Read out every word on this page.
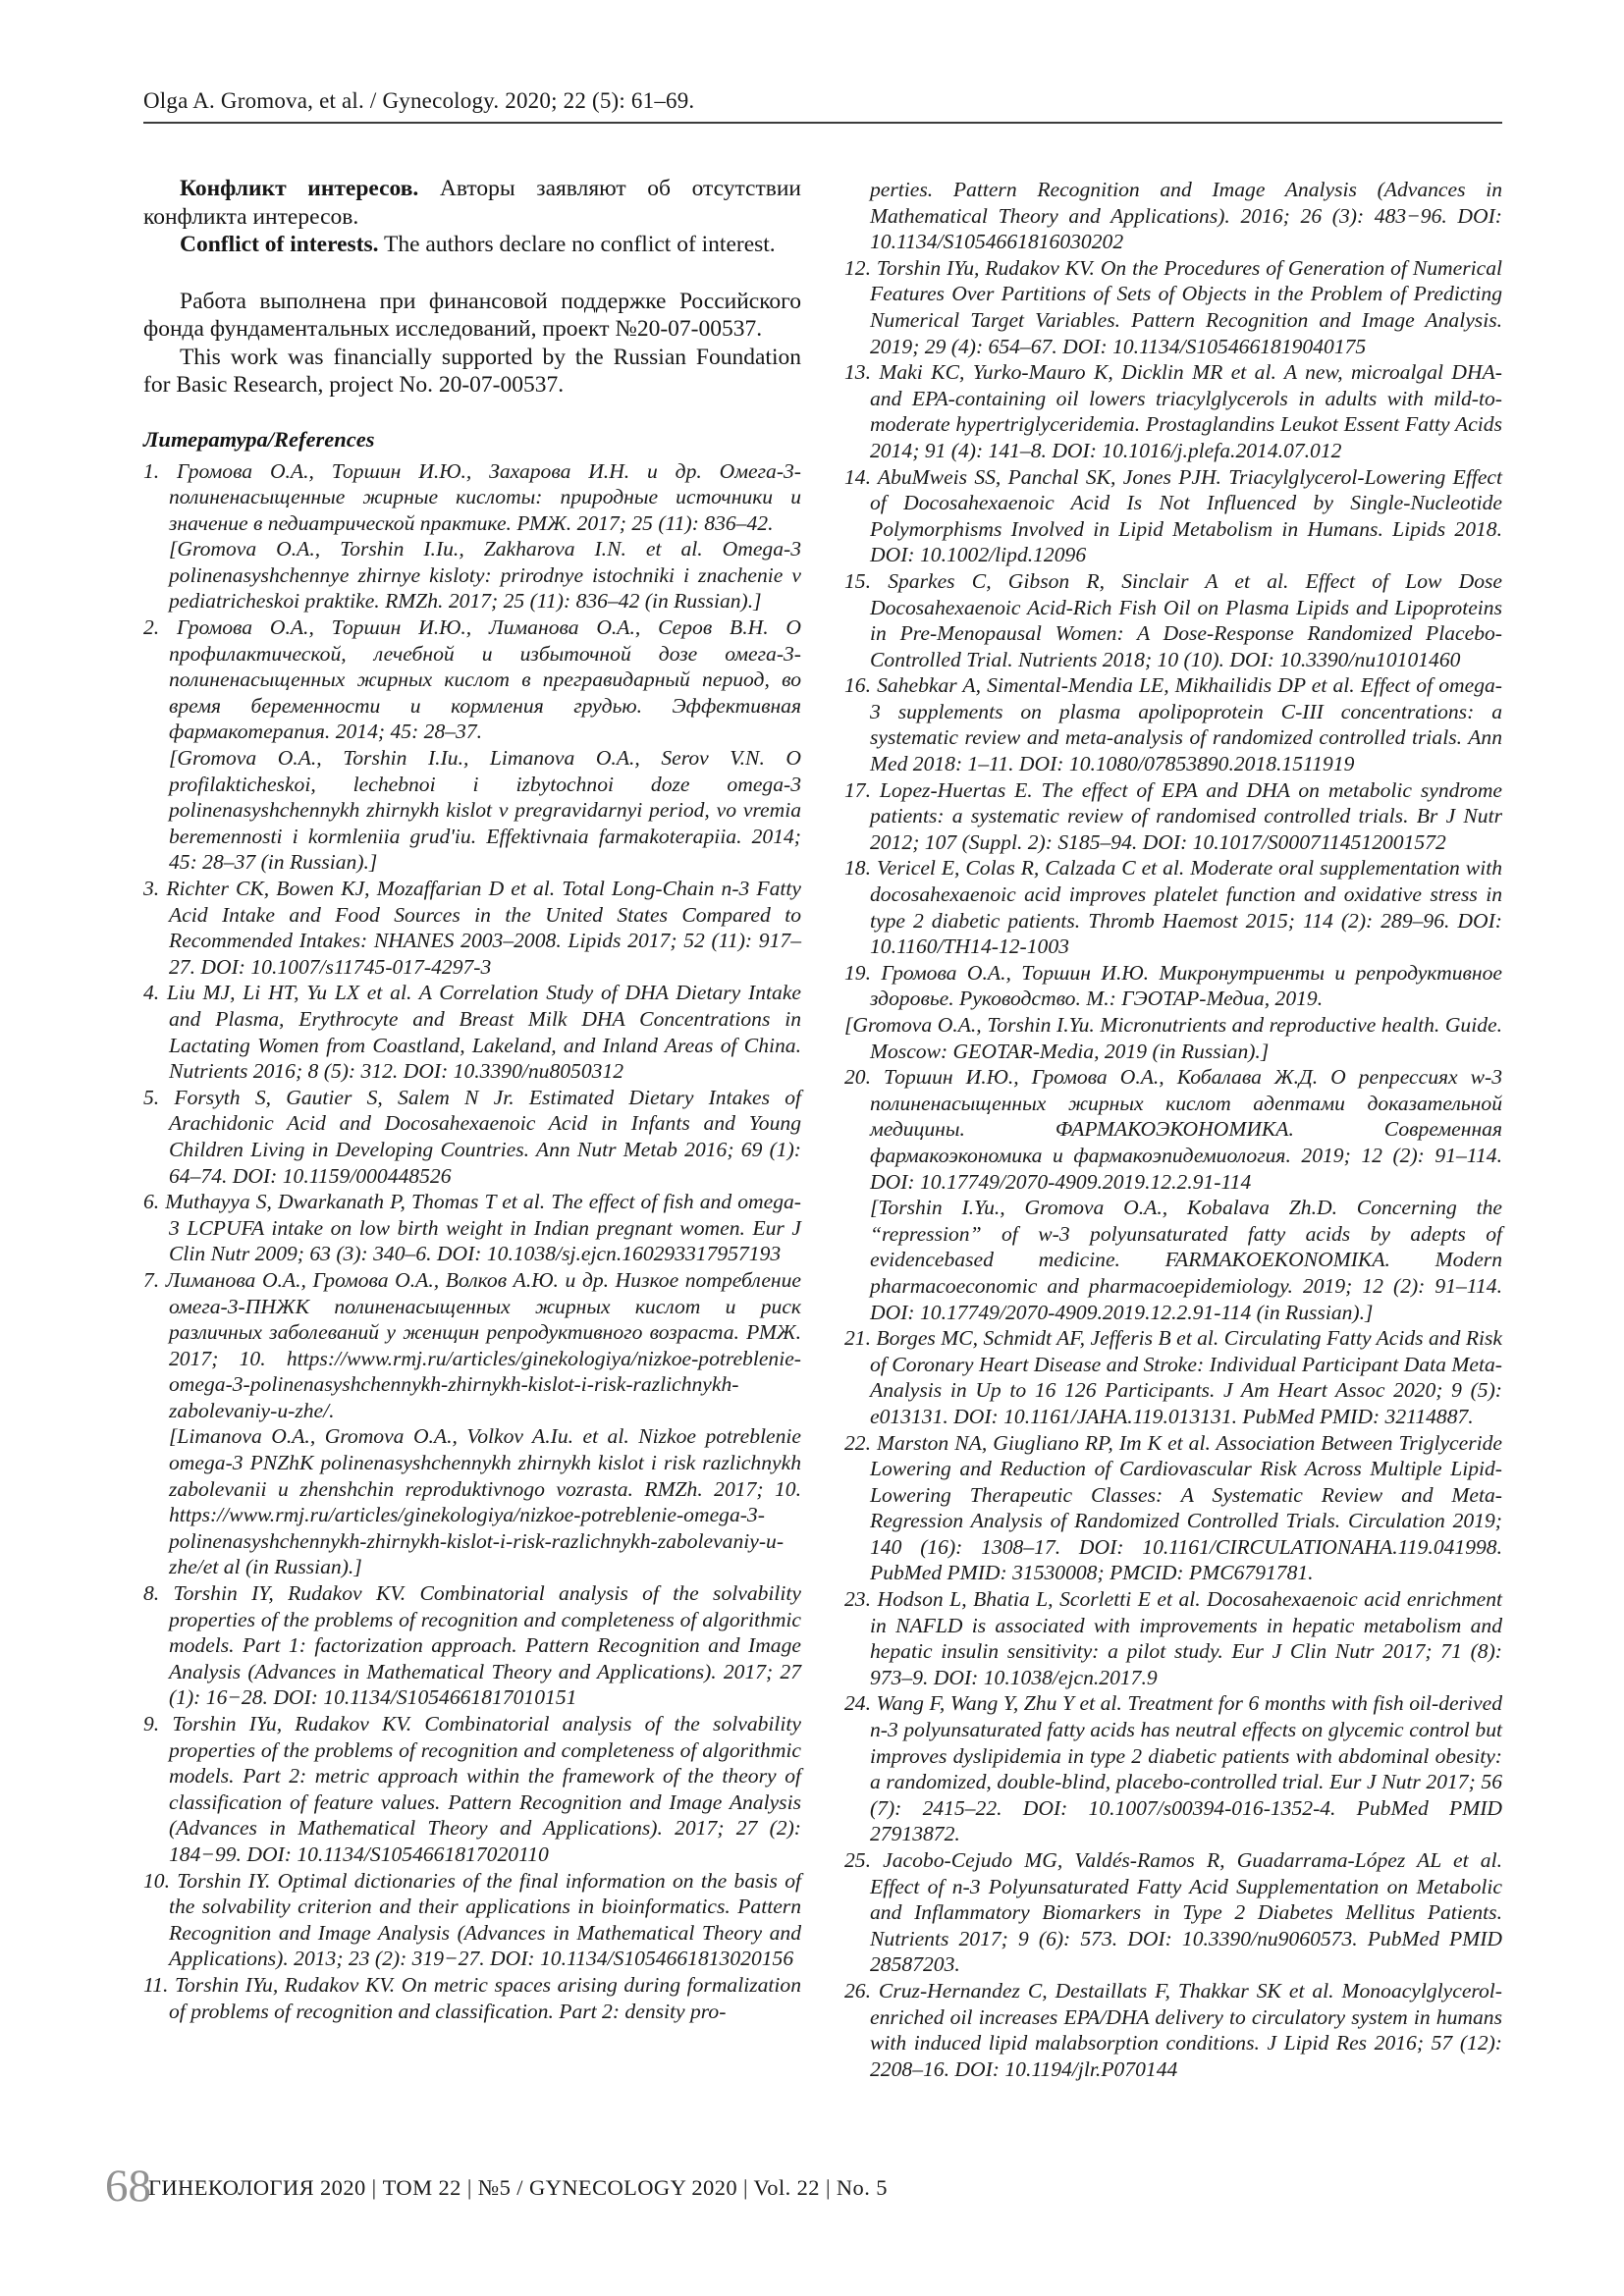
Olga A. Gromova, et al. / Gynecology. 2020; 22 (5): 61–69.

Конфликт интересов. Авторы заявляют об отсутствии конфликта интересов.

Conflict of interests. The authors declare no conflict of interest.

Работа выполнена при финансовой поддержке Российского фонда фундаментальных исследований, проект №20-07-00537.

This work was financially supported by the Russian Foundation for Basic Research, project No. 20-07-00537.

Литература/References

1. Громова О.А., Торшин И.Ю., Захарова И.Н. и др. Омега-3- полиненасыщенные жирные кислоты: природные источники и значение в педиатрической практике. РМЖ. 2017; 25 (11): 836–42.

[Gromova O.A., Torshin I.Iu., Zakharova I.N. et al. Omega-3 polinenasyshchennye zhirnye kisloty: prirodnye istochniki i znachenie v pediatricheskoi praktike. RMZh. 2017; 25 (11): 836–42 (in Russian).]

2. Громова О.А., Торшин И.Ю., Лиманова О.А., Серов В.Н. О профилактической, лечебной и избыточной дозе омега-3-полиненасыщенных жирных кислот в прегравидарный период, во время беременности и кормления грудью. Эффективная фармакотерапия. 2014; 45: 28–37.

[Gromova O.A., Torshin I.Iu., Limanova O.A., Serov V.N. O profilakticheskoi, lechebnoi i izbytochnoi doze omega-3 polinenasyshchennykh zhirnykh kislot v pregravidarnyi period, vo vremia beremennosti i kormleniia grud'iu. Effektivnaia farmakoterapiia. 2014; 45: 28–37 (in Russian).]

3. Richter CK, Bowen KJ, Mozaffarian D et al. Total Long-Chain n-3 Fatty Acid Intake and Food Sources in the United States Compared to Recommended Intakes: NHANES 2003–2008. Lipids 2017; 52 (11): 917–27. DOI: 10.1007/s11745-017-4297-3

4. Liu MJ, Li HT, Yu LX et al. A Correlation Study of DHA Dietary Intake and Plasma, Erythrocyte and Breast Milk DHA Concentrations in Lactating Women from Coastland, Lakeland, and Inland Areas of China. Nutrients 2016; 8 (5): 312. DOI: 10.3390/nu8050312

5. Forsyth S, Gautier S, Salem N Jr. Estimated Dietary Intakes of Arachidonic Acid and Docosahexaenoic Acid in Infants and Young Children Living in Developing Countries. Ann Nutr Metab 2016; 69 (1): 64–74. DOI: 10.1159/000448526

6. Muthayya S, Dwarkanath P, Thomas T et al. The effect of fish and omega-3 LCPUFA intake on low birth weight in Indian pregnant women. Eur J Clin Nutr 2009; 63 (3): 340–6. DOI: 10.1038/sj.ejcn.160293317957193

7. Лиманова О.А., Громова О.А., Волков А.Ю. и др. Низкое потребление омега-3-ПНЖК полиненасыщенных жирных кислот и риск различных заболеваний у женщин репродуктивного возраста. РМЖ. 2017; 10. https://www.rmj.ru/articles/ginekologiya/nizkoe-potreblenie-omega-3-polinenasyshchennykh-zhirnykh-kislot-i-risk-razlichnykh-zabolevaniy-u-zhe/.

[Limanova O.A., Gromova O.A., Volkov A.Iu. et al. Nizkoe potreblenie omega-3 PNZhK polinenasyshchennykh zhirnykh kislot i risk razlichnykh zabolevanii u zhenshchin reproduktivnogo vozrasta. RMZh. 2017; 10. https://www.rmj.ru/articles/ginekologiya/nizkoe-potreblenie-omega-3-polinenasyshchennykh-zhirnykh-kislot-i-risk-razlichnykh-zabolevaniy-u-zhe/et al (in Russian).]

8. Torshin IY, Rudakov KV. Combinatorial analysis of the solvability properties of the problems of recognition and completeness of algorithmic models. Part 1: factorization approach. Pattern Recognition and Image Analysis (Advances in Mathematical Theory and Applications). 2017; 27 (1): 16−28. DOI: 10.1134/S1054661817010151

9. Torshin IYu, Rudakov KV. Combinatorial analysis of the solvability properties of the problems of recognition and completeness of algorithmic models. Part 2: metric approach within the framework of the theory of classification of feature values. Pattern Recognition and Image Analysis (Advances in Mathematical Theory and Applications). 2017; 27 (2): 184−99. DOI: 10.1134/S1054661817020110

10. Torshin IY. Optimal dictionaries of the final information on the basis of the solvability criterion and their applications in bioinformatics. Pattern Recognition and Image Analysis (Advances in Mathematical Theory and Applications). 2013; 23 (2): 319−27. DOI: 10.1134/S1054661813020156

11. Torshin IYu, Rudakov KV. On metric spaces arising during formalization of problems of recognition and classification. Part 2: density pro-

perties. Pattern Recognition and Image Analysis (Advances in Mathematical Theory and Applications). 2016; 26 (3): 483−96. DOI: 10.1134/S1054661816030202

12. Torshin IYu, Rudakov KV. On the Procedures of Generation of Numerical Features Over Partitions of Sets of Objects in the Problem of Predicting Numerical Target Variables. Pattern Recognition and Image Analysis. 2019; 29 (4): 654–67. DOI: 10.1134/S1054661819040175

13. Maki KC, Yurko-Mauro K, Dicklin MR et al. A new, microalgal DHA- and EPA-containing oil lowers triacylglycerols in adults with mild-to-moderate hypertriglyceridemia. Prostaglandins Leukot Essent Fatty Acids 2014; 91 (4): 141–8. DOI: 10.1016/j.plefa.2014.07.012

14. AbuMweis SS, Panchal SK, Jones PJH. Triacylglycerol-Lowering Effect of Docosahexaenoic Acid Is Not Influenced by Single-Nucleotide Polymorphisms Involved in Lipid Metabolism in Humans. Lipids 2018. DOI: 10.1002/lipd.12096

15. Sparkes C, Gibson R, Sinclair A et al. Effect of Low Dose Docosahexaenoic Acid-Rich Fish Oil on Plasma Lipids and Lipoproteins in Pre-Menopausal Women: A Dose-Response Randomized Placebo-Controlled Trial. Nutrients 2018; 10 (10). DOI: 10.3390/nu10101460

16. Sahebkar A, Simental-Mendia LE, Mikhailidis DP et al. Effect of omega-3 supplements on plasma apolipoprotein C-III concentrations: a systematic review and meta-analysis of randomized controlled trials. Ann Med 2018: 1–11. DOI: 10.1080/07853890.2018.1511919

17. Lopez-Huertas E. The effect of EPA and DHA on metabolic syndrome patients: a systematic review of randomised controlled trials. Br J Nutr 2012; 107 (Suppl. 2): S185–94. DOI: 10.1017/S0007114512001572

18. Vericel E, Colas R, Calzada C et al. Moderate oral supplementation with docosahexaenoic acid improves platelet function and oxidative stress in type 2 diabetic patients. Thromb Haemost 2015; 114 (2): 289–96. DOI: 10.1160/TH14-12-1003

19. Громова О.А., Торшин И.Ю. Микронутриенты и репродуктивное здоровье. Руководство. М.: ГЭОТАР-Медиа, 2019.

[Gromova O.A., Torshin I.Yu. Micronutrients and reproductive health. Guide. Moscow: GEOTAR-Media, 2019 (in Russian).]

20. Торшин И.Ю., Громова О.А., Кобалава Ж.Д. О репрессиях w-3 полиненасыщенных жирных кислот адептами доказательной медицины. ФАРМАКОЭКОНОМИКА. Современная фармакоэкономика и фармакоэпидемиология. 2019; 12 (2): 91–114. DOI: 10.17749/2070-4909.2019.12.2.91-114

[Torshin I.Yu., Gromova O.A., Kobalava Zh.D. Concerning the “repression” of w-3 polyunsaturated fatty acids by adepts of evidencebased medicine. FARMAKOEKONOMIKA. Modern pharmacoeconomic and pharmacoepidemiology. 2019; 12 (2): 91–114. DOI: 10.17749/2070-4909.2019.12.2.91-114 (in Russian).]

21. Borges MC, Schmidt AF, Jefferis B et al. Circulating Fatty Acids and Risk of Coronary Heart Disease and Stroke: Individual Participant Data Meta-Analysis in Up to 16 126 Participants. J Am Heart Assoc 2020; 9 (5): e013131. DOI: 10.1161/JAHA.119.013131. PubMed PMID: 32114887.

22. Marston NA, Giugliano RP, Im K et al. Association Between Triglyceride Lowering and Reduction of Cardiovascular Risk Across Multiple Lipid-Lowering Therapeutic Classes: A Systematic Review and Meta-Regression Analysis of Randomized Controlled Trials. Circulation 2019; 140 (16): 1308–17. DOI: 10.1161/CIRCULATIONAHA.119.041998. PubMed PMID: 31530008; PMCID: PMC6791781.

23. Hodson L, Bhatia L, Scorletti E et al. Docosahexaenoic acid enrichment in NAFLD is associated with improvements in hepatic metabolism and hepatic insulin sensitivity: a pilot study. Eur J Clin Nutr 2017; 71 (8): 973–9. DOI: 10.1038/ejcn.2017.9

24. Wang F, Wang Y, Zhu Y et al. Treatment for 6 months with fish oil-derived n-3 polyunsaturated fatty acids has neutral effects on glycemic control but improves dyslipidemia in type 2 diabetic patients with abdominal obesity: a randomized, double-blind, placebo-controlled trial. Eur J Nutr 2017; 56 (7): 2415–22. DOI: 10.1007/s00394-016-1352-4. PubMed PMID 27913872.

25. Jacobo-Cejudo MG, Valdés-Ramos R, Guadarrama-López AL et al. Effect of n-3 Polyunsaturated Fatty Acid Supplementation on Metabolic and Inflammatory Biomarkers in Type 2 Diabetes Mellitus Patients. Nutrients 2017; 9 (6): 573. DOI: 10.3390/nu9060573. PubMed PMID 28587203.

26. Cruz-Hernandez C, Destaillats F, Thakkar SK et al. Monoacylglycerol-enriched oil increases EPA/DHA delivery to circulatory system in humans with induced lipid malabsorption conditions. J Lipid Res 2016; 57 (12): 2208–16. DOI: 10.1194/jlr.P070144

68
ГИНЕКОЛОГИЯ 2020 | ТОМ 22 | №5 / GYNECOLOGY 2020 | Vol. 22 | No. 5
